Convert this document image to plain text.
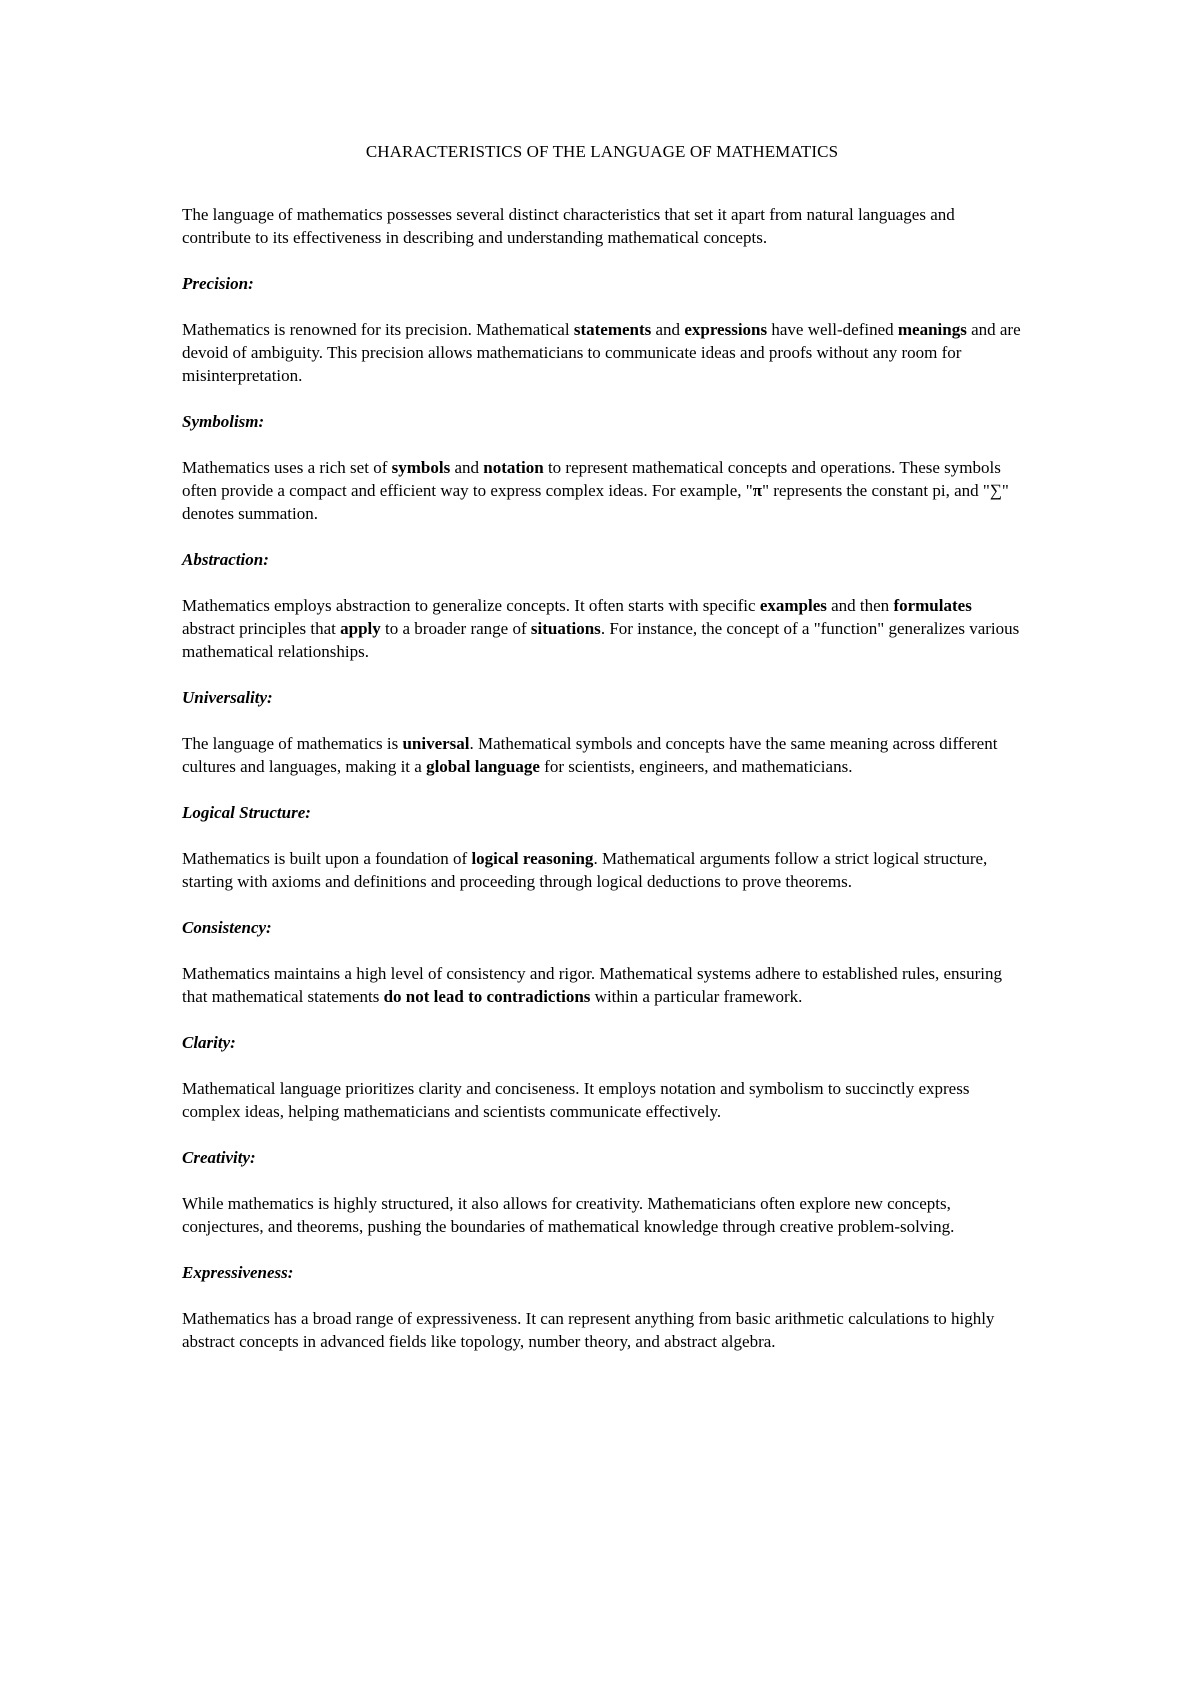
CHARACTERISTICS OF THE LANGUAGE OF MATHEMATICS

The language of mathematics possesses several distinct characteristics that set it apart from natural languages and contribute to its effectiveness in describing and understanding mathematical concepts.

Precision:

Mathematics is renowned for its precision. Mathematical statements and expressions have well-defined meanings and are devoid of ambiguity. This precision allows mathematicians to communicate ideas and proofs without any room for misinterpretation.

Symbolism:

Mathematics uses a rich set of symbols and notation to represent mathematical concepts and operations. These symbols often provide a compact and efficient way to express complex ideas. For example, "π" represents the constant pi, and "∑" denotes summation.

Abstraction:

Mathematics employs abstraction to generalize concepts. It often starts with specific examples and then formulates abstract principles that apply to a broader range of situations. For instance, the concept of a "function" generalizes various mathematical relationships.

Universality:

The language of mathematics is universal. Mathematical symbols and concepts have the same meaning across different cultures and languages, making it a global language for scientists, engineers, and mathematicians.

Logical Structure:

Mathematics is built upon a foundation of logical reasoning. Mathematical arguments follow a strict logical structure, starting with axioms and definitions and proceeding through logical deductions to prove theorems.

Consistency:

Mathematics maintains a high level of consistency and rigor. Mathematical systems adhere to established rules, ensuring that mathematical statements do not lead to contradictions within a particular framework.

Clarity:

Mathematical language prioritizes clarity and conciseness. It employs notation and symbolism to succinctly express complex ideas, helping mathematicians and scientists communicate effectively.

Creativity:

While mathematics is highly structured, it also allows for creativity. Mathematicians often explore new concepts, conjectures, and theorems, pushing the boundaries of mathematical knowledge through creative problem-solving.

Expressiveness:

Mathematics has a broad range of expressiveness. It can represent anything from basic arithmetic calculations to highly abstract concepts in advanced fields like topology, number theory, and abstract algebra.
